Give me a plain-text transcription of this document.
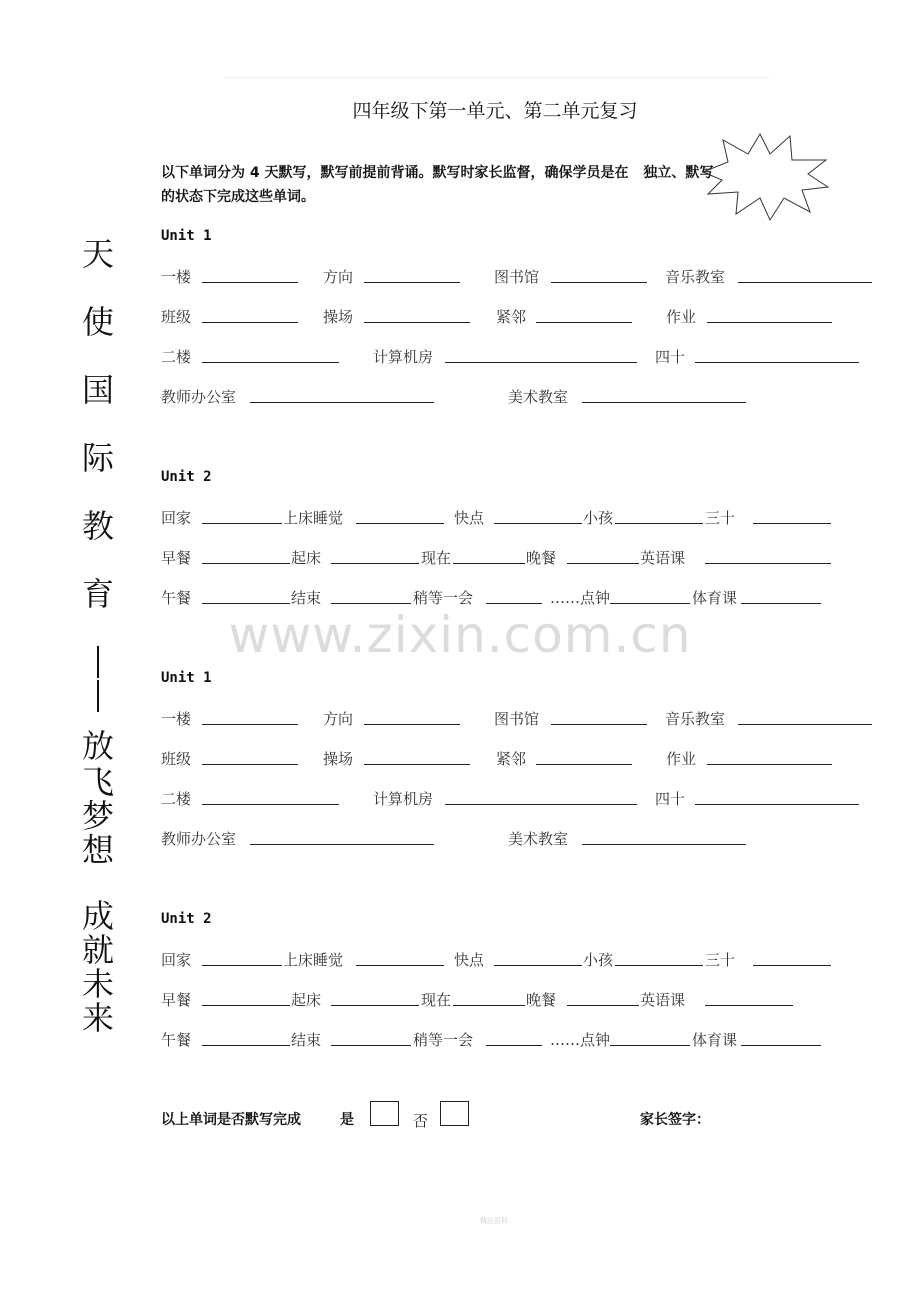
四年级下第一单元、第二单元复习
以下单词分为 4 天默写，默写前提前背诵。默写时家长监督，确保学员是在 独立、默写
的状态下完成这些单词。
天
使
国
际
教
育
放
飞
梦
想
成
就
未
来
www.zixin.com.cn
Unit 1
一楼	方向	图书馆	音乐教室
班级	操场	紧邻	作业
二楼	计算机房	四十
教师办公室	美术教室
Unit 2
回家	上床睡觉	快点	小孩	三十
早餐	起床	现在	晚餐	英语课
午餐	结束	稍等一会	……点钟	体育课
Unit 1
一楼	方向	图书馆	音乐教室
班级	操场	紧邻	作业
二楼	计算机房	四十
教师办公室	美术教室
Unit 2
回家	上床睡觉	快点	小孩	三十
早餐	起床	现在	晚餐	英语课
午餐	结束	稍等一会	……点钟	体育课
以上单词是否默写完成	是	否	家长签字：
精品资料
